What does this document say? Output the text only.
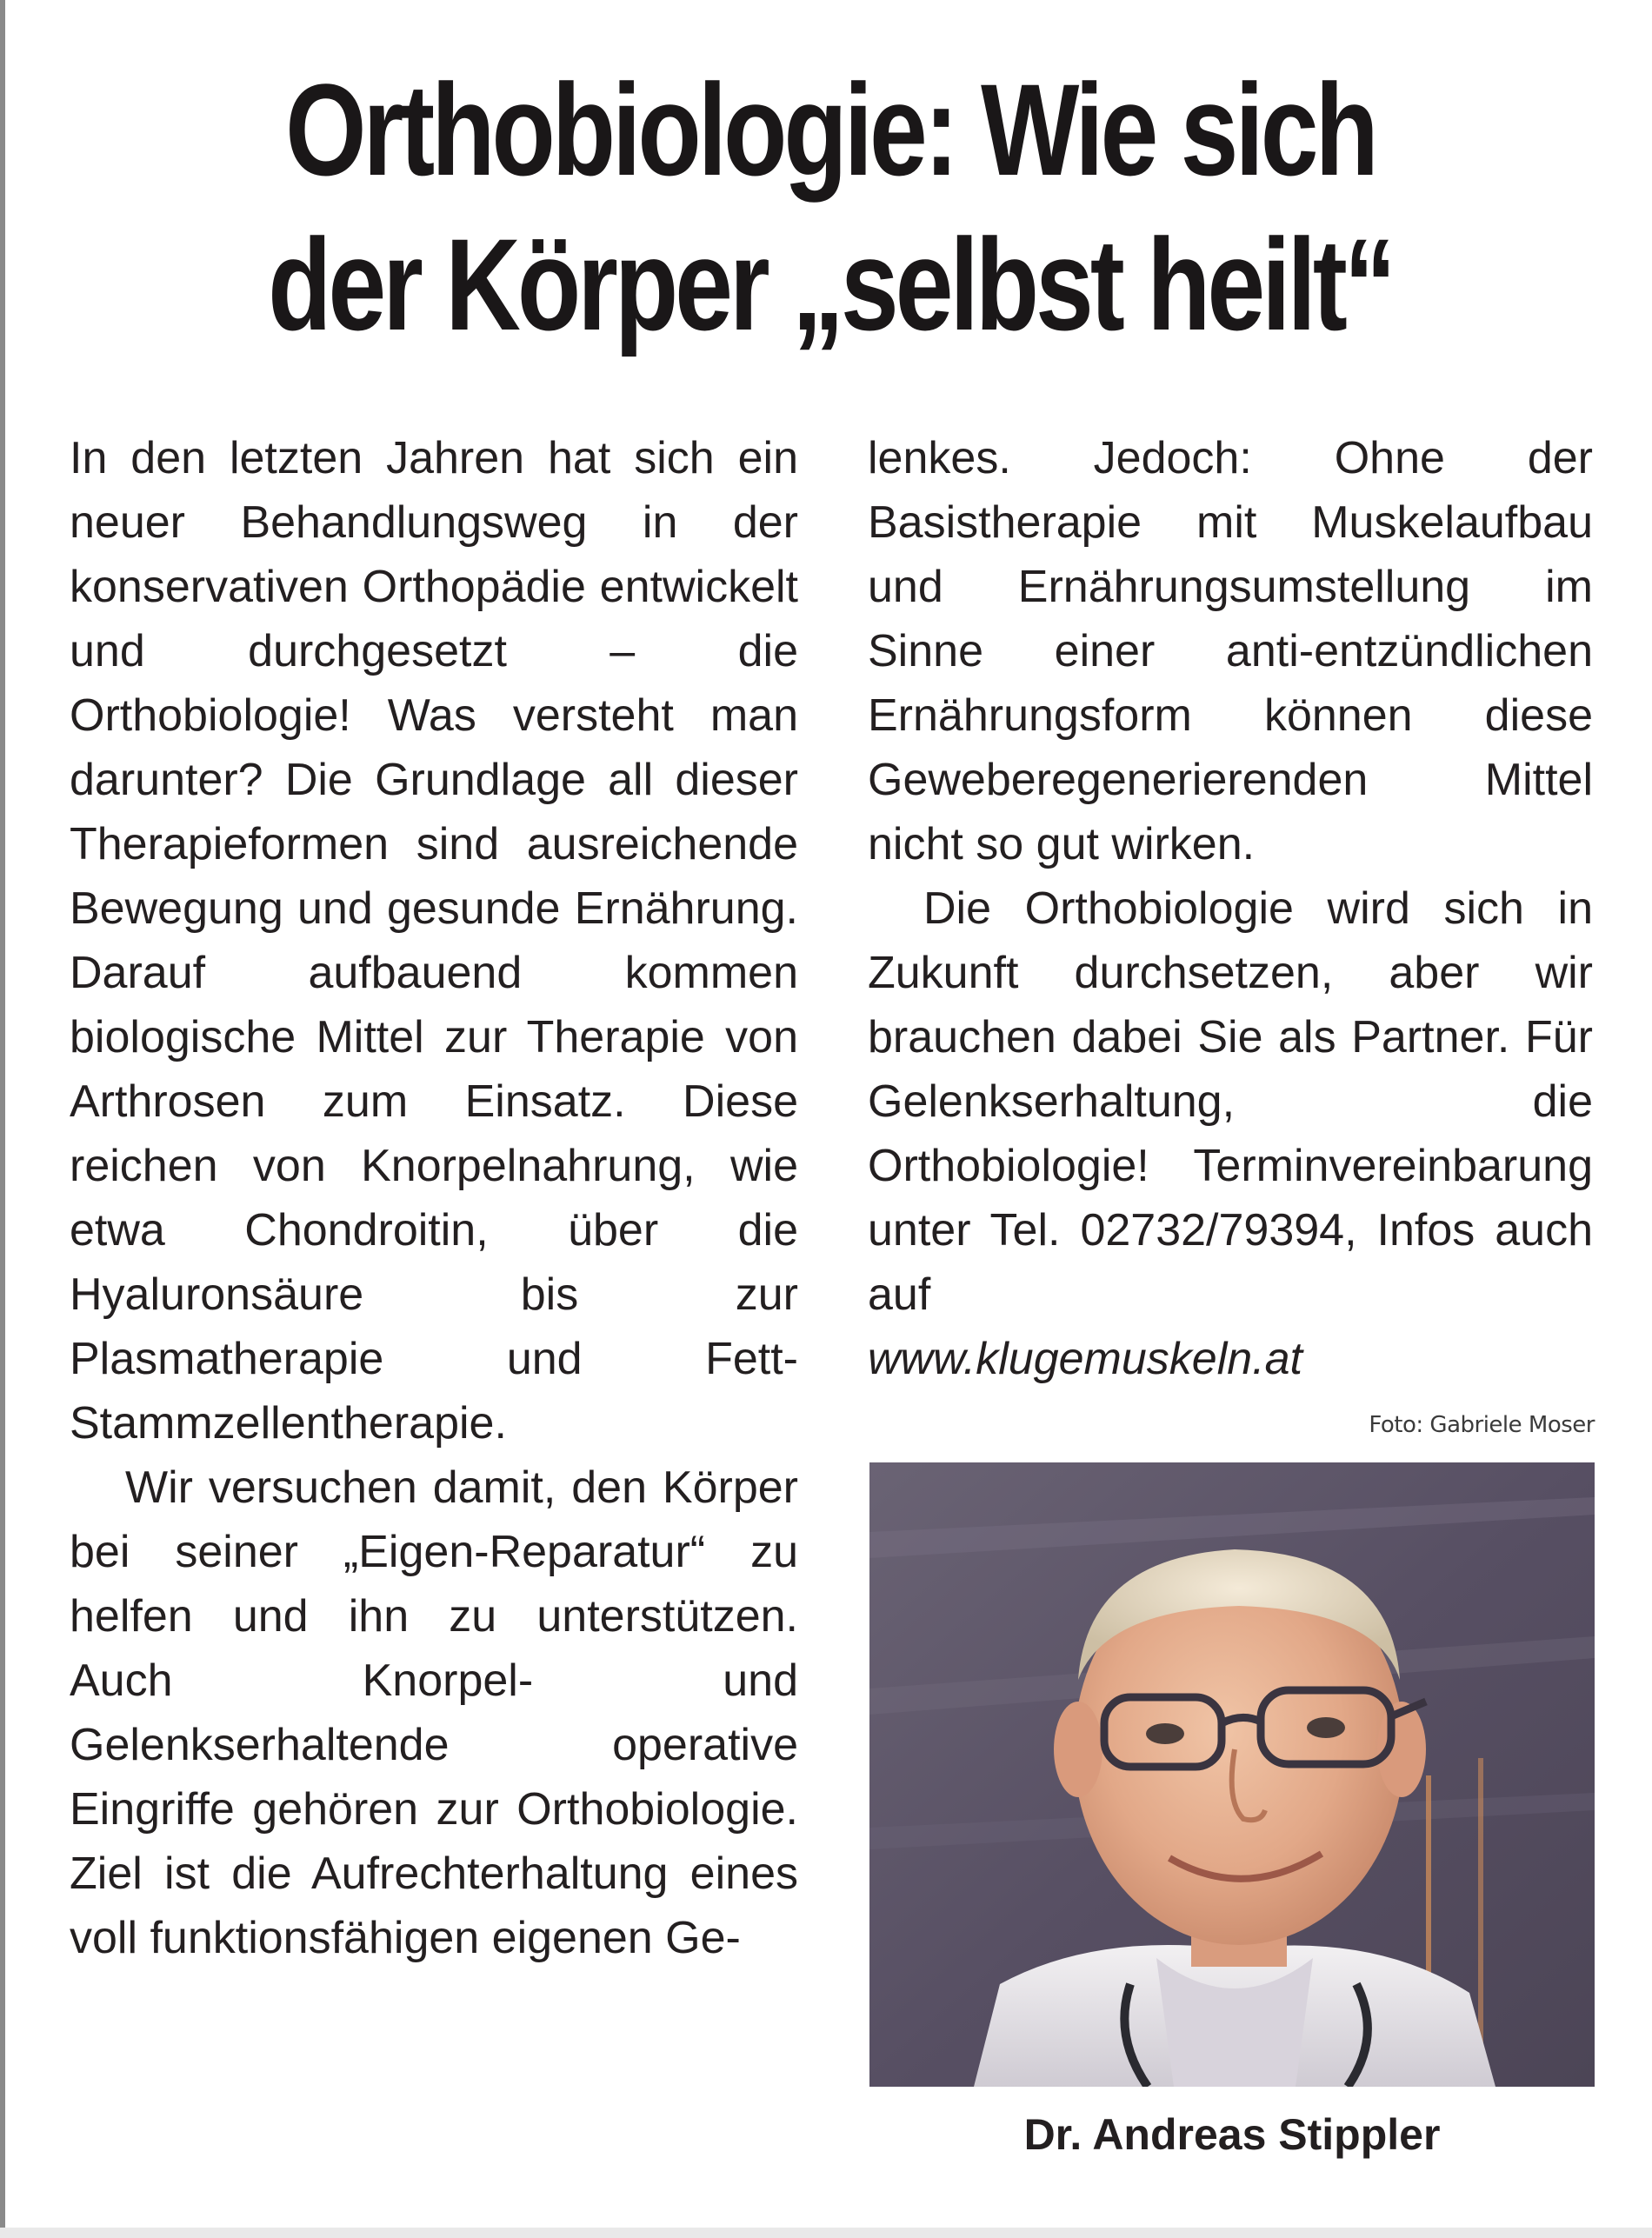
Orthobiologie: Wie sich
der Körper „selbst heilt“

In den letzten Jahren hat sich ein neuer Behandlungsweg in der konservativen Orthopädie entwickelt und durchgesetzt – die Orthobiologie! Was versteht man darunter? Die Grundlage all dieser Therapieformen sind ausreichende Bewegung und gesunde Ernährung. Darauf aufbauend kommen biologische Mittel zur Therapie von Arthrosen zum Einsatz. Diese reichen von Knorpelnahrung, wie etwa Chondroitin, über die Hyaluronsäure bis zur Plasmatherapie und Fett-Stammzellentherapie.

Wir versuchen damit, den Körper bei seiner „Eigen-Reparatur“ zu helfen und ihn zu unterstützen. Auch Knorpel- und Gelenkserhaltende operative Eingriffe gehören zur Orthobiologie. Ziel ist die Aufrechterhaltung eines voll funktionsfähigen eigenen Ge-

lenkes. Jedoch: Ohne der Basistherapie mit Muskelaufbau und Ernährungsumstellung im Sinne einer anti-entzündlichen Ernährungsform können diese Geweberegenerierenden Mittel nicht so gut wirken.

Die Orthobiologie wird sich in Zukunft durchsetzen, aber wir brauchen dabei Sie als Partner. Für Gelenkserhaltung, die Orthobiologie! Terminvereinbarung unter Tel. 02732/79394, Infos auch auf
www.klugemuskeln.at

Foto: Gabriele Moser
Dr. Andreas Stippler
